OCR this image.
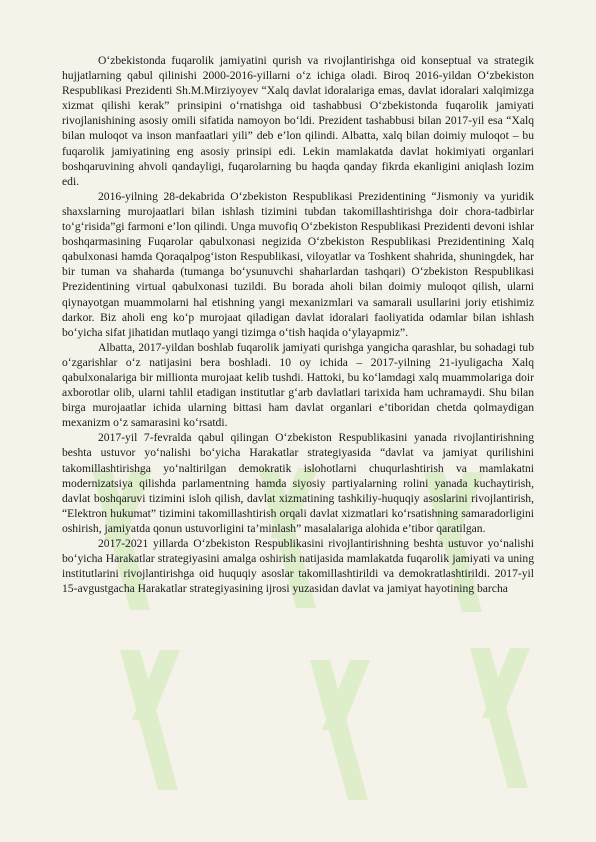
O‘zbekistonda fuqarolik jamiyatini qurish va rivojlantirishga oid konseptual va strategik hujjatlarning qabul qilinishi 2000-2016-yillarni o‘z ichiga oladi. Biroq 2016-yildan O‘zbekiston Respublikasi Prezidenti Sh.M.Mirziyoyev “Xalq davlat idoralariga emas, davlat idoralari xalqimizga xizmat qilishi kerak” prinsipini o‘rnatishga oid tashabbusi O‘zbekistonda fuqarolik jamiyati rivojlanishining asosiy omili sifatida namoyon bo‘ldi. Prezident tashabbusi bilan 2017-yil esa “Xalq bilan muloqot va inson manfaatlari yili” deb e’lon qilindi. Albatta, xalq bilan doimiy muloqot – bu fuqarolik jamiyatining eng asosiy prinsipi edi. Lekin mamlakatda davlat hokimiyati organlari boshqaruvining ahvoli qandayligi, fuqarolarning bu haqda qanday fikrda ekanligini aniqlash lozim edi.

2016-yilning 28-dekabrida O‘zbekiston Respublikasi Prezidentining “Jismoniy va yuridik shaxslarning murojaatlari bilan ishlash tizimini tubdan takomillashtirishga doir chora-tadbirlar to‘g‘risida”gi farmoni e’lon qilindi. Unga muvofiq O‘zbekiston Respublikasi Prezidenti devoni ishlar boshqarmasining Fuqarolar qabulxonasi negizida O‘zbekiston Respublikasi Prezidentining Xalq qabulxonasi hamda Qoraqalpog‘iston Respublikasi, viloyatlar va Toshkent shahrida, shuningdek, har bir tuman va shaharda (tumanga bo‘ysunuvchi shaharlardan tashqari) O‘zbekiston Respublikasi Prezidentining virtual qabulxonasi tuzildi. Bu borada aholi bilan doimiy muloqot qilish, ularni qiynayotgan muammolarni hal etishning yangi mexanizmlari va samarali usullarini joriy etishimiz darkor. Biz aholi eng ko‘p murojaat qiladigan davlat idoralari faoliyatida odamlar bilan ishlash bo‘yicha sifat jihatidan mutlaqo yangi tizimga o‘tish haqida o‘ylayapmiz”.

Albatta, 2017-yildan boshlab fuqarolik jamiyati qurishga yangicha qarashlar, bu sohadagi tub o‘zgarishlar o‘z natijasini bera boshladi. 10 oy ichida – 2017-yilning 21-iyuligacha Xalq qabulxonalariga bir millionta murojaat kelib tushdi. Hattoki, bu ko‘lamdagi xalq muammolariga doir axborotlar olib, ularni tahlil etadigan institutlar g‘arb davlatlari tarixida ham uchramaydi. Shu bilan birga murojaatlar ichida ularning bittasi ham davlat organlari e’tiboridan chetda qolmaydigan mexanizm o‘z samarasini ko‘rsatdi.

2017-yil 7-fevralda qabul qilingan O‘zbekiston Respublikasini yanada rivojlantirishning beshta ustuvor yo‘nalishi bo‘yicha Harakatlar strategiyasida “davlat va jamiyat qurilishini takomillashtirishga yo‘naltirilgan demokratik islohotlarni chuqurlashtirish va mamlakatni modernizatsiya qilishda parlamentning hamda siyosiy partiyalarning rolini yanada kuchaytirish, davlat boshqaruvi tizimini isloh qilish, davlat xizmatining tashkiliy-huquqiy asoslarini rivojlantirish, “Elektron hukumat” tizimini takomillashtirish orqali davlat xizmatlari ko‘rsatishning samaradorligini oshirish, jamiyatda qonun ustuvorligini ta’minlash” masalalariga alohida e’tibor qaratilgan.

2017-2021 yillarda O‘zbekiston Respublikasini rivojlantirishning beshta ustuvor yo‘nalishi bo‘yicha Harakatlar strategiyasini amalga oshirish natijasida mamlakatda fuqarolik jamiyati va uning institutlarini rivojlantirishga oid huquqiy asoslar takomillashtirildi va demokratlashtirildi. 2017-yil 15-avgustgacha Harakatlar strategiyasining ijrosi yuzasidan davlat va jamiyat hayotining barcha
